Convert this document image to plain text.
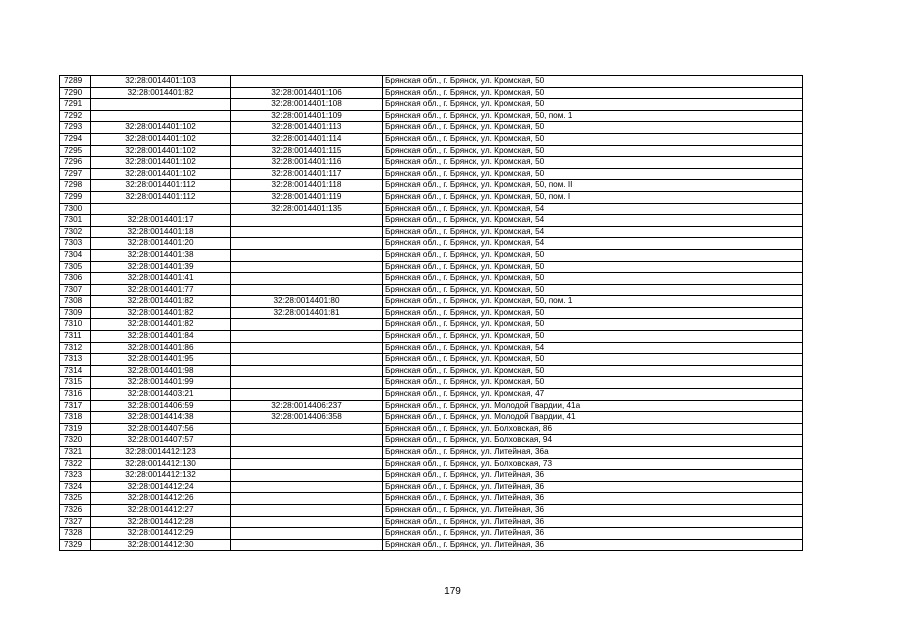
7289	32:28:0014401:103		Брянская обл., г. Брянск, ул. Кромская, 50
7290	32:28:0014401:82	32:28:0014401:106	Брянская обл., г. Брянск, ул. Кромская, 50
7291		32:28:0014401:108	Брянская обл., г. Брянск, ул. Кромская, 50
7292		32:28:0014401:109	Брянская обл., г. Брянск, ул. Кромская, 50, пом. 1
7293	32:28:0014401:102	32:28:0014401:113	Брянская обл., г. Брянск, ул. Кромская, 50
7294	32:28:0014401:102	32:28:0014401:114	Брянская обл., г. Брянск, ул. Кромская, 50
7295	32:28:0014401:102	32:28:0014401:115	Брянская обл., г. Брянск, ул. Кромская, 50
7296	32:28:0014401:102	32:28:0014401:116	Брянская обл., г. Брянск, ул. Кромская, 50
7297	32:28:0014401:102	32:28:0014401:117	Брянская обл., г. Брянск, ул. Кромская, 50
7298	32:28:0014401:112	32:28:0014401:118	Брянская обл., г. Брянск, ул. Кромская, 50, пом. II
7299	32:28:0014401:112	32:28:0014401:119	Брянская обл., г. Брянск, ул. Кромская, 50, пом. I
7300		32:28:0014401:135	Брянская обл., г. Брянск, ул. Кромская, 54
7301	32:28:0014401:17		Брянская обл., г. Брянск, ул. Кромская, 54
7302	32:28:0014401:18		Брянская обл., г. Брянск, ул. Кромская, 54
7303	32:28:0014401:20		Брянская обл., г. Брянск, ул. Кромская, 54
7304	32:28:0014401:38		Брянская обл., г. Брянск, ул. Кромская, 50
7305	32:28:0014401:39		Брянская обл., г. Брянск, ул. Кромская, 50
7306	32:28:0014401:41		Брянская обл., г. Брянск, ул. Кромская, 50
7307	32:28:0014401:77		Брянская обл., г. Брянск, ул. Кромская, 50
7308	32:28:0014401:82	32:28:0014401:80	Брянская обл., г. Брянск, ул. Кромская, 50, пом. 1
7309	32:28:0014401:82	32:28:0014401:81	Брянская обл., г. Брянск, ул. Кромская, 50
7310	32:28:0014401:82		Брянская обл., г. Брянск, ул. Кромская, 50
7311	32:28:0014401:84		Брянская обл., г. Брянск, ул. Кромская, 50
7312	32:28:0014401:86		Брянская обл., г. Брянск, ул. Кромская, 54
7313	32:28:0014401:95		Брянская обл., г. Брянск, ул. Кромская, 50
7314	32:28:0014401:98		Брянская обл., г. Брянск, ул. Кромская, 50
7315	32:28:0014401:99		Брянская обл., г. Брянск, ул. Кромская, 50
7316	32:28:0014403:21		Брянская обл., г. Брянск, ул. Кромская, 47
7317	32:28:0014406:59	32:28:0014406:237	Брянская обл., г. Брянск, ул. Молодой Гвардии, 41а
7318	32:28:0014414:38	32:28:0014406:358	Брянская обл., г. Брянск, ул. Молодой Гвардии, 41
7319	32:28:0014407:56		Брянская обл., г. Брянск, ул. Болховская, 86
7320	32:28:0014407:57		Брянская обл., г. Брянск, ул. Болховская, 94
7321	32:28:0014412:123		Брянская обл., г. Брянск, ул. Литейная, 36а
7322	32:28:0014412:130		Брянская обл., г. Брянск, ул. Болховская, 73
7323	32:28:0014412:132		Брянская обл., г. Брянск, ул. Литейная, 36
7324	32:28:0014412:24		Брянская обл., г. Брянск, ул. Литейная, 36
7325	32:28:0014412:26		Брянская обл., г. Брянск, ул. Литейная, 36
7326	32:28:0014412:27		Брянская обл., г. Брянск, ул. Литейная, 36
7327	32:28:0014412:28		Брянская обл., г. Брянск, ул. Литейная, 36
7328	32:28:0014412:29		Брянская обл., г. Брянск, ул. Литейная, 36
7329	32:28:0014412:30		Брянская обл., г. Брянск, ул. Литейная, 36
179
